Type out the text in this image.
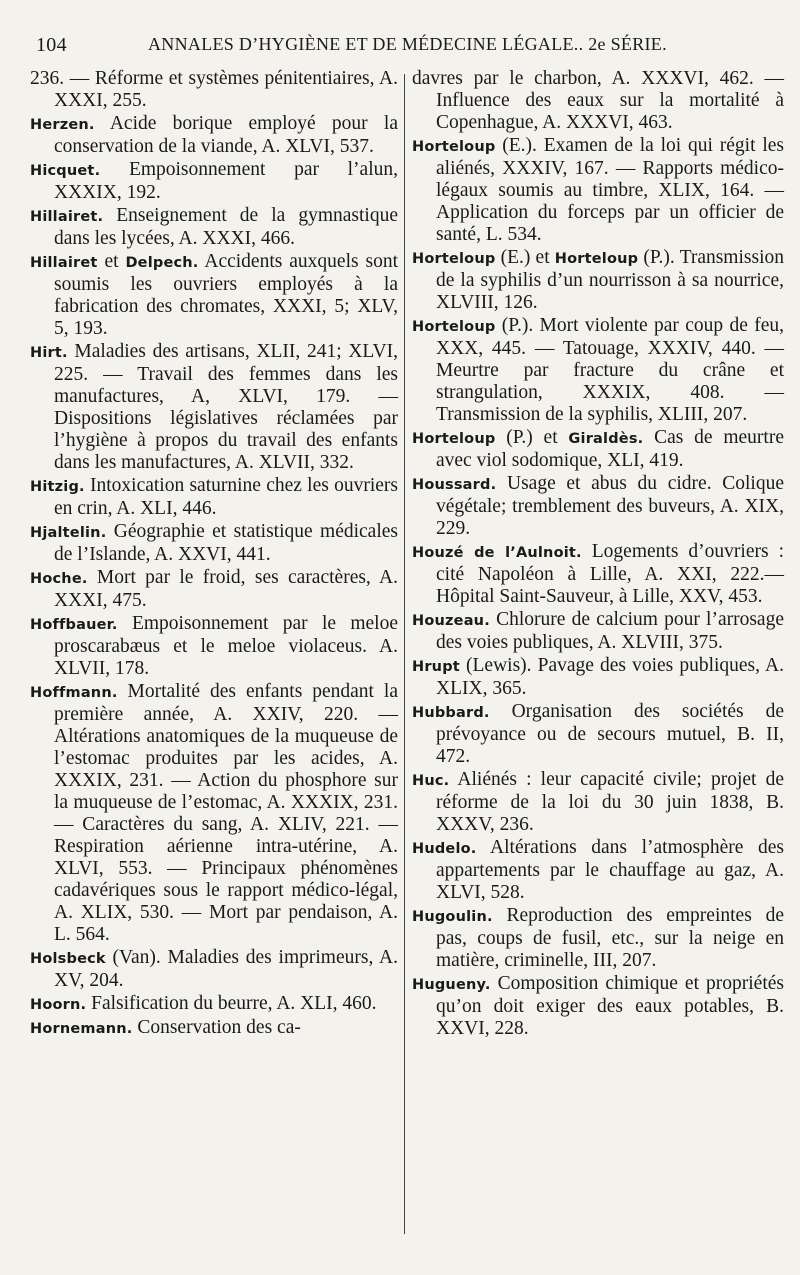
104	ANNALES D’HYGIÈNE ET DE MÉDECINE LÉGALE.. 2e SÉRIE.
236. — Réforme et systèmes pénitentiaires, A. XXXI, 255.
Herzen. Acide borique employé pour la conservation de la viande, A. XLVI, 537.
Hicquet. Empoisonnement par l’alun, XXXIX, 192.
Hillairet. Enseignement de la gymnastique dans les lycées, A. XXXI, 466.
Hillairet et Delpech. Accidents auxquels sont soumis les ouvriers employés à la fabrication des chromates, XXXI, 5; XLV, 5, 193.
Hirt. Maladies des artisans, XLII, 241; XLVI, 225. — Travail des femmes dans les manufactures, A, XLVI, 179. — Dispositions législatives réclamées par l’hygiène à propos du travail des enfants dans les manufactures, A. XLVII, 332.
Hitzig. Intoxication saturnine chez les ouvriers en crin, A. XLI, 446.
Hjaltelin. Géographie et statistique médicales de l’Islande, A. XXVI, 441.
Hoche. Mort par le froid, ses caractères, A. XXXI, 475.
Hoffbauer. Empoisonnement par le meloe proscarabæus et le meloe violaceus. A. XLVII, 178.
Hoffmann. Mortalité des enfants pendant la première année, A. XXIV, 220. — Altérations anatomiques de la muqueuse de l’estomac produites par les acides, A. XXXIX, 231. — Action du phosphore sur la muqueuse de l’estomac, A. XXXIX, 231.— Caractères du sang, A. XLIV, 221. — Respiration aérienne intra-utérine, A. XLVI, 553. — Principaux phénomènes cadavériques sous le rapport médico-légal, A. XLIX, 530. — Mort par pendaison, A. L. 564.
Holsbeck (Van). Maladies des imprimeurs, A. XV, 204.
Hoorn. Falsification du beurre, A. XLI, 460.
Hornemann. Conservation des ca-
davres par le charbon, A. XXXVI, 462. — Influence des eaux sur la mortalité à Copenhague, A. XXXVI, 463.
Horteloup (E.). Examen de la loi qui régit les aliénés, XXXIV, 167. — Rapports médico-légaux soumis au timbre, XLIX, 164. — Application du forceps par un officier de santé, L. 534.
Horteloup (E.) et Horteloup (P.). Transmission de la syphilis d’un nourrisson à sa nourrice, XLVIII, 126.
Horteloup (P.). Mort violente par coup de feu, XXX, 445. — Tatouage, XXXIV, 440. — Meurtre par fracture du crâne et strangulation, XXXIX, 408. — Transmission de la syphilis, XLIII, 207.
Horteloup (P.) et Giraldès. Cas de meurtre avec viol sodomique, XLI, 419.
Houssard. Usage et abus du cidre. Colique végétale; tremblement des buveurs, A. XIX, 229.
Houzé de l’Aulnoit. Logements d’ouvriers : cité Napoléon à Lille, A. XXI, 222.—Hôpital Saint-Sauveur, à Lille, XXV, 453.
Houzeau. Chlorure de calcium pour l’arrosage des voies publiques, A. XLVIII, 375.
Hrupt (Lewis). Pavage des voies publiques, A. XLIX, 365.
Hubbard. Organisation des sociétés de prévoyance ou de secours mutuel, B. II, 472.
Huc. Aliénés : leur capacité civile; projet de réforme de la loi du 30 juin 1838, B. XXXV, 236.
Hudelo. Altérations dans l’atmosphère des appartements par le chauffage au gaz, A. XLVI, 528.
Hugoulin. Reproduction des empreintes de pas, coups de fusil, etc., sur la neige en matière, criminelle, III, 207.
Hugueny. Composition chimique et propriétés qu’on doit exiger des eaux potables, B. XXVI, 228.
